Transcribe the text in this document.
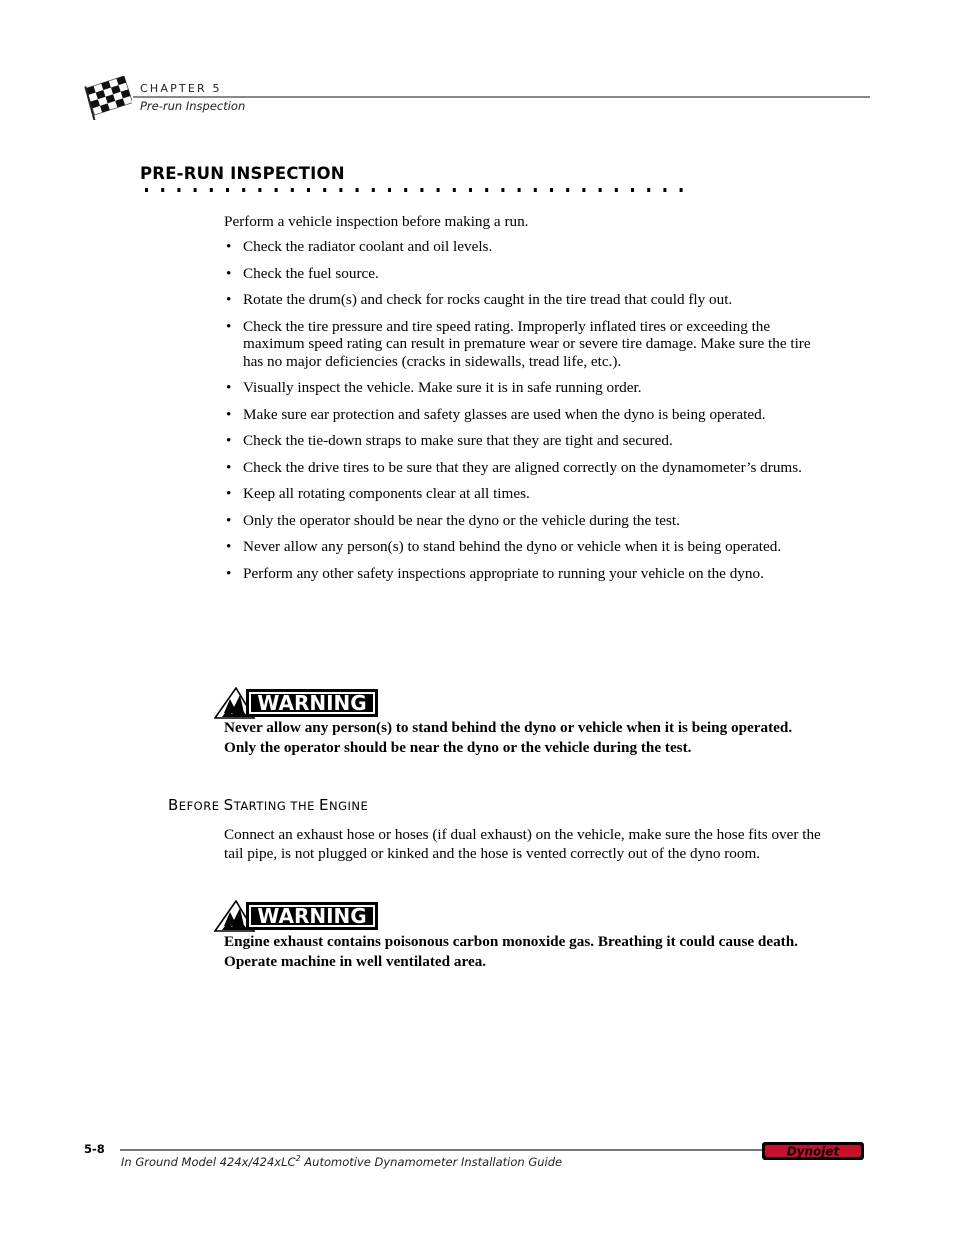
CHAPTER 5
Pre-run Inspection
PRE-RUN INSPECTION
Perform a vehicle inspection before making a run.
• Check the radiator coolant and oil levels.
• Check the fuel source.
• Rotate the drum(s) and check for rocks caught in the tire tread that could fly out.
• Check the tire pressure and tire speed rating. Improperly inflated tires or exceeding the maximum speed rating can result in premature wear or severe tire damage. Make sure the tire has no major deficiencies (cracks in sidewalls, tread life, etc.).
• Visually inspect the vehicle. Make sure it is in safe running order.
• Make sure ear protection and safety glasses are used when the dyno is being operated.
• Check the tie-down straps to make sure that they are tight and secured.
• Check the drive tires to be sure that they are aligned correctly on the dynamometer’s drums.
• Keep all rotating components clear at all times.
• Only the operator should be near the dyno or the vehicle during the test.
• Never allow any person(s) to stand behind the dyno or vehicle when it is being operated.
• Perform any other safety inspections appropriate to running your vehicle on the dyno.
WARNING
Never allow any person(s) to stand behind the dyno or vehicle when it is being operated. Only the operator should be near the dyno or the vehicle during the test.
BEFORE STARTING THE ENGINE
Connect an exhaust hose or hoses (if dual exhaust) on the vehicle, make sure the hose fits over the tail pipe, is not plugged or kinked and the hose is vented correctly out of the dyno room.
WARNING
Engine exhaust contains poisonous carbon monoxide gas. Breathing it could cause death. Operate machine in well ventilated area.
5-8
In Ground Model 424x/424xLC$^2$ Automotive Dynamometer Installation Guide
Dynojet
